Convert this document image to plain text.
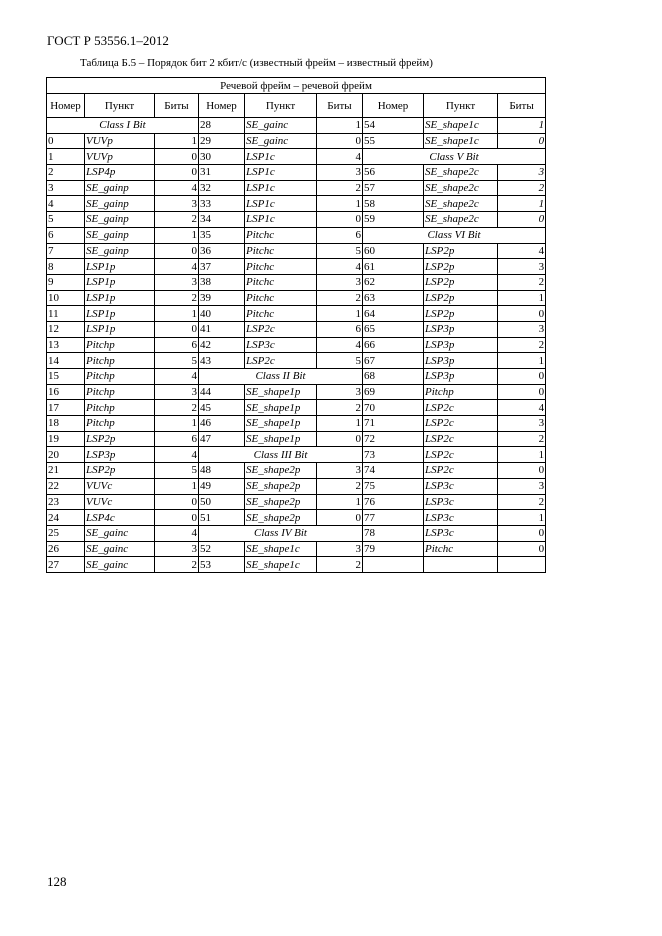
ГОСТ Р 53556.1–2012
Таблица Б.5 – Порядок бит 2 кбит/с (известный фрейм – известный фрейм)
Речевой фрейм – речевой фрейм								
Номер	Пункт	Биты	Номер	Пункт	Биты	Номер	Пункт	Биты
Class I Bit			28	SE_gainc	1	54	SE_shape1c	1
0	VUVp	1	29	SE_gainc	0	55	SE_shape1c	0
1	VUVp	0	30	LSP1c	4	Class V Bit		
2	LSP4p	0	31	LSP1c	3	56	SE_shape2c	3
3	SE_gainp	4	32	LSP1c	2	57	SE_shape2c	2
4	SE_gainp	3	33	LSP1c	1	58	SE_shape2c	1
5	SE_gainp	2	34	LSP1c	0	59	SE_shape2c	0
6	SE_gainp	1	35	Pitchc	6	Class VI Bit		
7	SE_gainp	0	36	Pitchc	5	60	LSP2p	4
8	LSP1p	4	37	Pitchc	4	61	LSP2p	3
9	LSP1p	3	38	Pitchc	3	62	LSP2p	2
10	LSP1p	2	39	Pitchc	2	63	LSP2p	1
11	LSP1p	1	40	Pitchc	1	64	LSP2p	0
12	LSP1p	0	41	LSP2c	6	65	LSP3p	3
13	Pitchp	6	42	LSP3c	4	66	LSP3p	2
14	Pitchp	5	43	LSP2c	5	67	LSP3p	1
15	Pitchp	4	Class II Bit			68	LSP3p	0
16	Pitchp	3	44	SE_shape1p	3	69	Pitchp	0
17	Pitchp	2	45	SE_shape1p	2	70	LSP2c	4
18	Pitchp	1	46	SE_shape1p	1	71	LSP2c	3
19	LSP2p	6	47	SE_shape1p	0	72	LSP2c	2
20	LSP3p	4	Class III Bit			73	LSP2c	1
21	LSP2p	5	48	SE_shape2p	3	74	LSP2c	0
22	VUVc	1	49	SE_shape2p	2	75	LSP3c	3
23	VUVc	0	50	SE_shape2p	1	76	LSP3c	2
24	LSP4c	0	51	SE_shape2p	0	77	LSP3c	1
25	SE_gainc	4	Class IV Bit			78	LSP3c	0
26	SE_gainc	3	52	SE_shape1c	3	79	Pitchc	0
27	SE_gainc	2	53	SE_shape1c	2			
128
